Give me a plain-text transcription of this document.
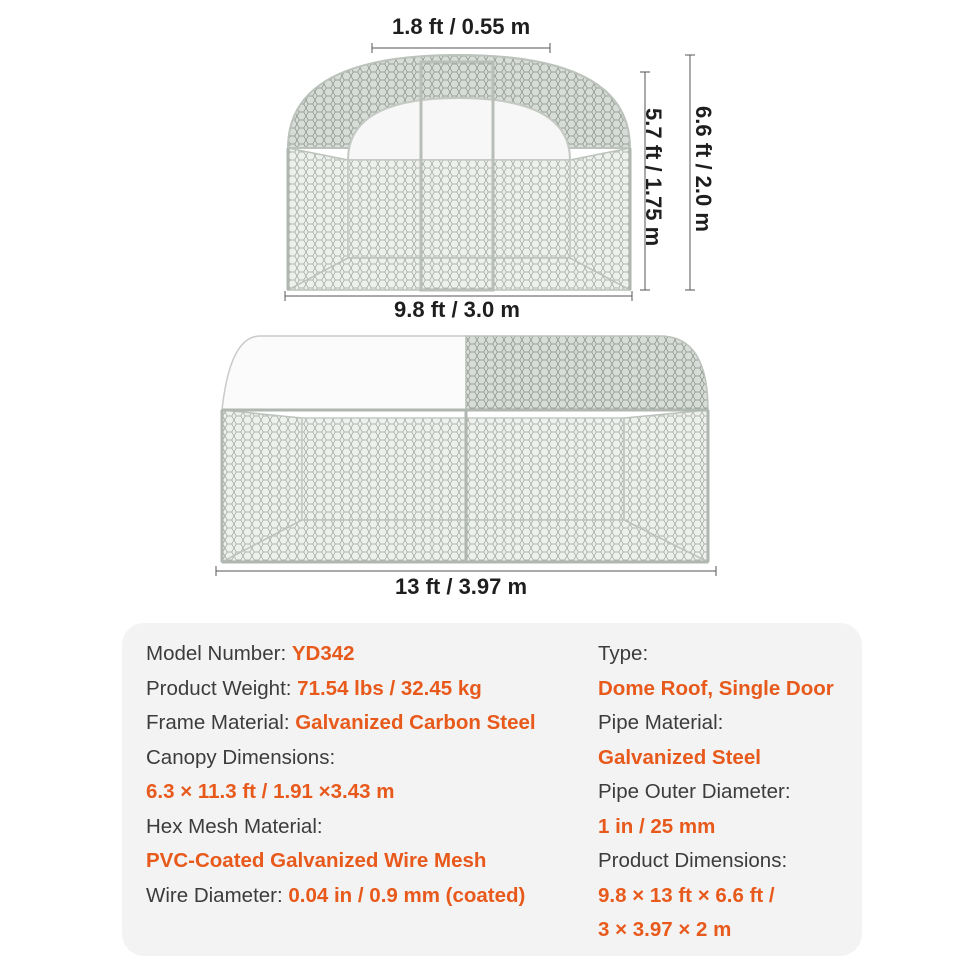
1.8 ft / 0.55 m
5.7 ft / 1.75 m 6.6 ft / 2.0 m
9.8 ft / 3.0 m
13 ft / 3.97 m
Model Number: YD342
Product Weight: 71.54 lbs / 32.45 kg
Frame Material: Galvanized Carbon Steel
Canopy Dimensions:
6.3 × 11.3 ft / 1.91 ×3.43 m
Hex Mesh Material:
PVC-Coated Galvanized Wire Mesh
Wire Diameter: 0.04 in / 0.9 mm (coated)
Type:
Dome Roof, Single Door
Pipe Material:
Galvanized Steel
Pipe Outer Diameter:
1 in / 25 mm
Product Dimensions:
9.8 × 13 ft × 6.6 ft /
3 × 3.97 × 2 m
